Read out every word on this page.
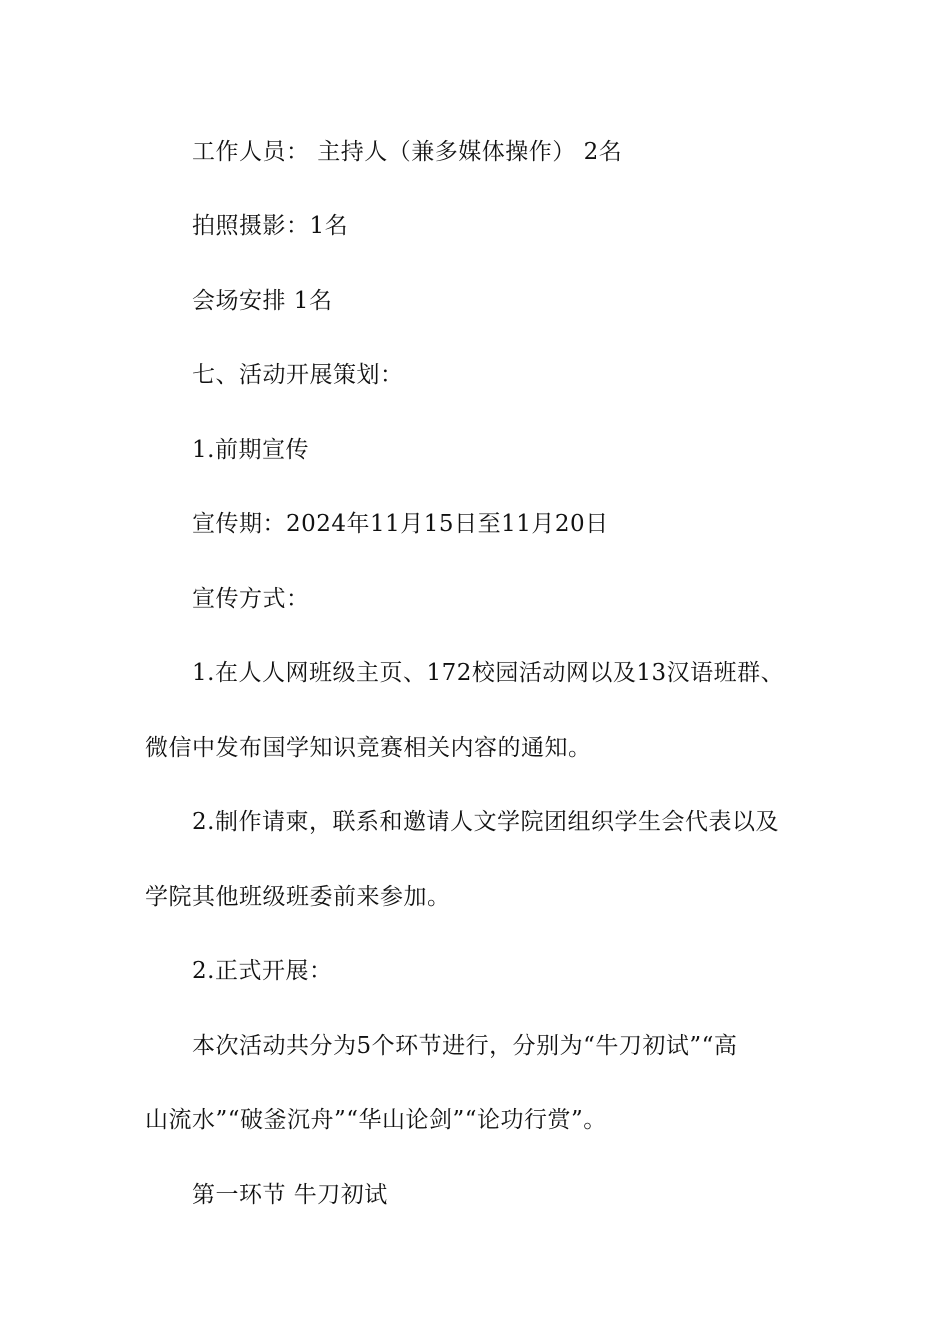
工作人员： 主持人（兼多媒体操作） 2名
拍照摄影：1名
会场安排 1名
七、活动开展策划：
1.前期宣传
宣传期：2024年11月15日至11月20日
宣传方式：
1.在人人网班级主页、172校园活动网以及13汉语班群、
微信中发布国学知识竞赛相关内容的通知。
2.制作请柬，联系和邀请人文学院团组织学生会代表以及
学院其他班级班委前来参加。
2.正式开展：
本次活动共分为5个环节进行，分别为“牛刀初试”“高
山流水”“破釜沉舟”“华山论剑”“论功行赏”。
第一环节 牛刀初试
